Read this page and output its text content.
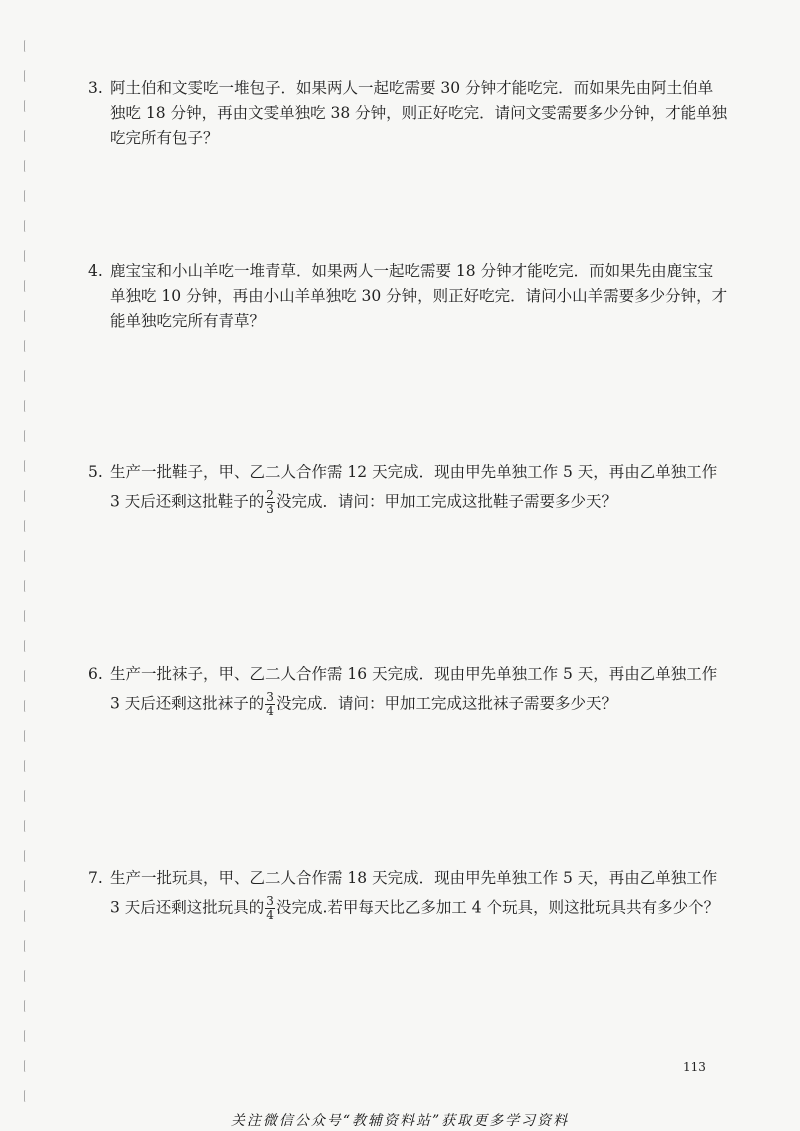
3. 阿土伯和文雯吃一堆包子．如果两人一起吃需要 30 分钟才能吃完．而如果先由阿土伯单
独吃 18 分钟，再由文雯单独吃 38 分钟，则正好吃完．请问文雯需要多少分钟，才能单独
吃完所有包子？
4. 鹿宝宝和小山羊吃一堆青草．如果两人一起吃需要 18 分钟才能吃完．而如果先由鹿宝宝
单独吃 10 分钟，再由小山羊单独吃 30 分钟，则正好吃完．请问小山羊需要多少分钟，才
能单独吃完所有青草？
5. 生产一批鞋子，甲、乙二人合作需 12 天完成．现由甲先单独工作 5 天，再由乙单独工作
3 天后还剩这批鞋子的 $\frac{2}{3}$ 没完成．请问：甲加工完成这批鞋子需要多少天？
6. 生产一批袜子，甲、乙二人合作需 16 天完成．现由甲先单独工作 5 天，再由乙单独工作
3 天后还剩这批袜子的 $\frac{3}{4}$ 没完成．请问：甲加工完成这批袜子需要多少天？
7. 生产一批玩具，甲、乙二人合作需 18 天完成．现由甲先单独工作 5 天，再由乙单独工作
3 天后还剩这批玩具的 $\frac{3}{4}$ 没完成.若甲每天比乙多加工 4 个玩具，则这批玩具共有多少个？
113
关注微信公众号“教辅资料站”获取更多学习资料
